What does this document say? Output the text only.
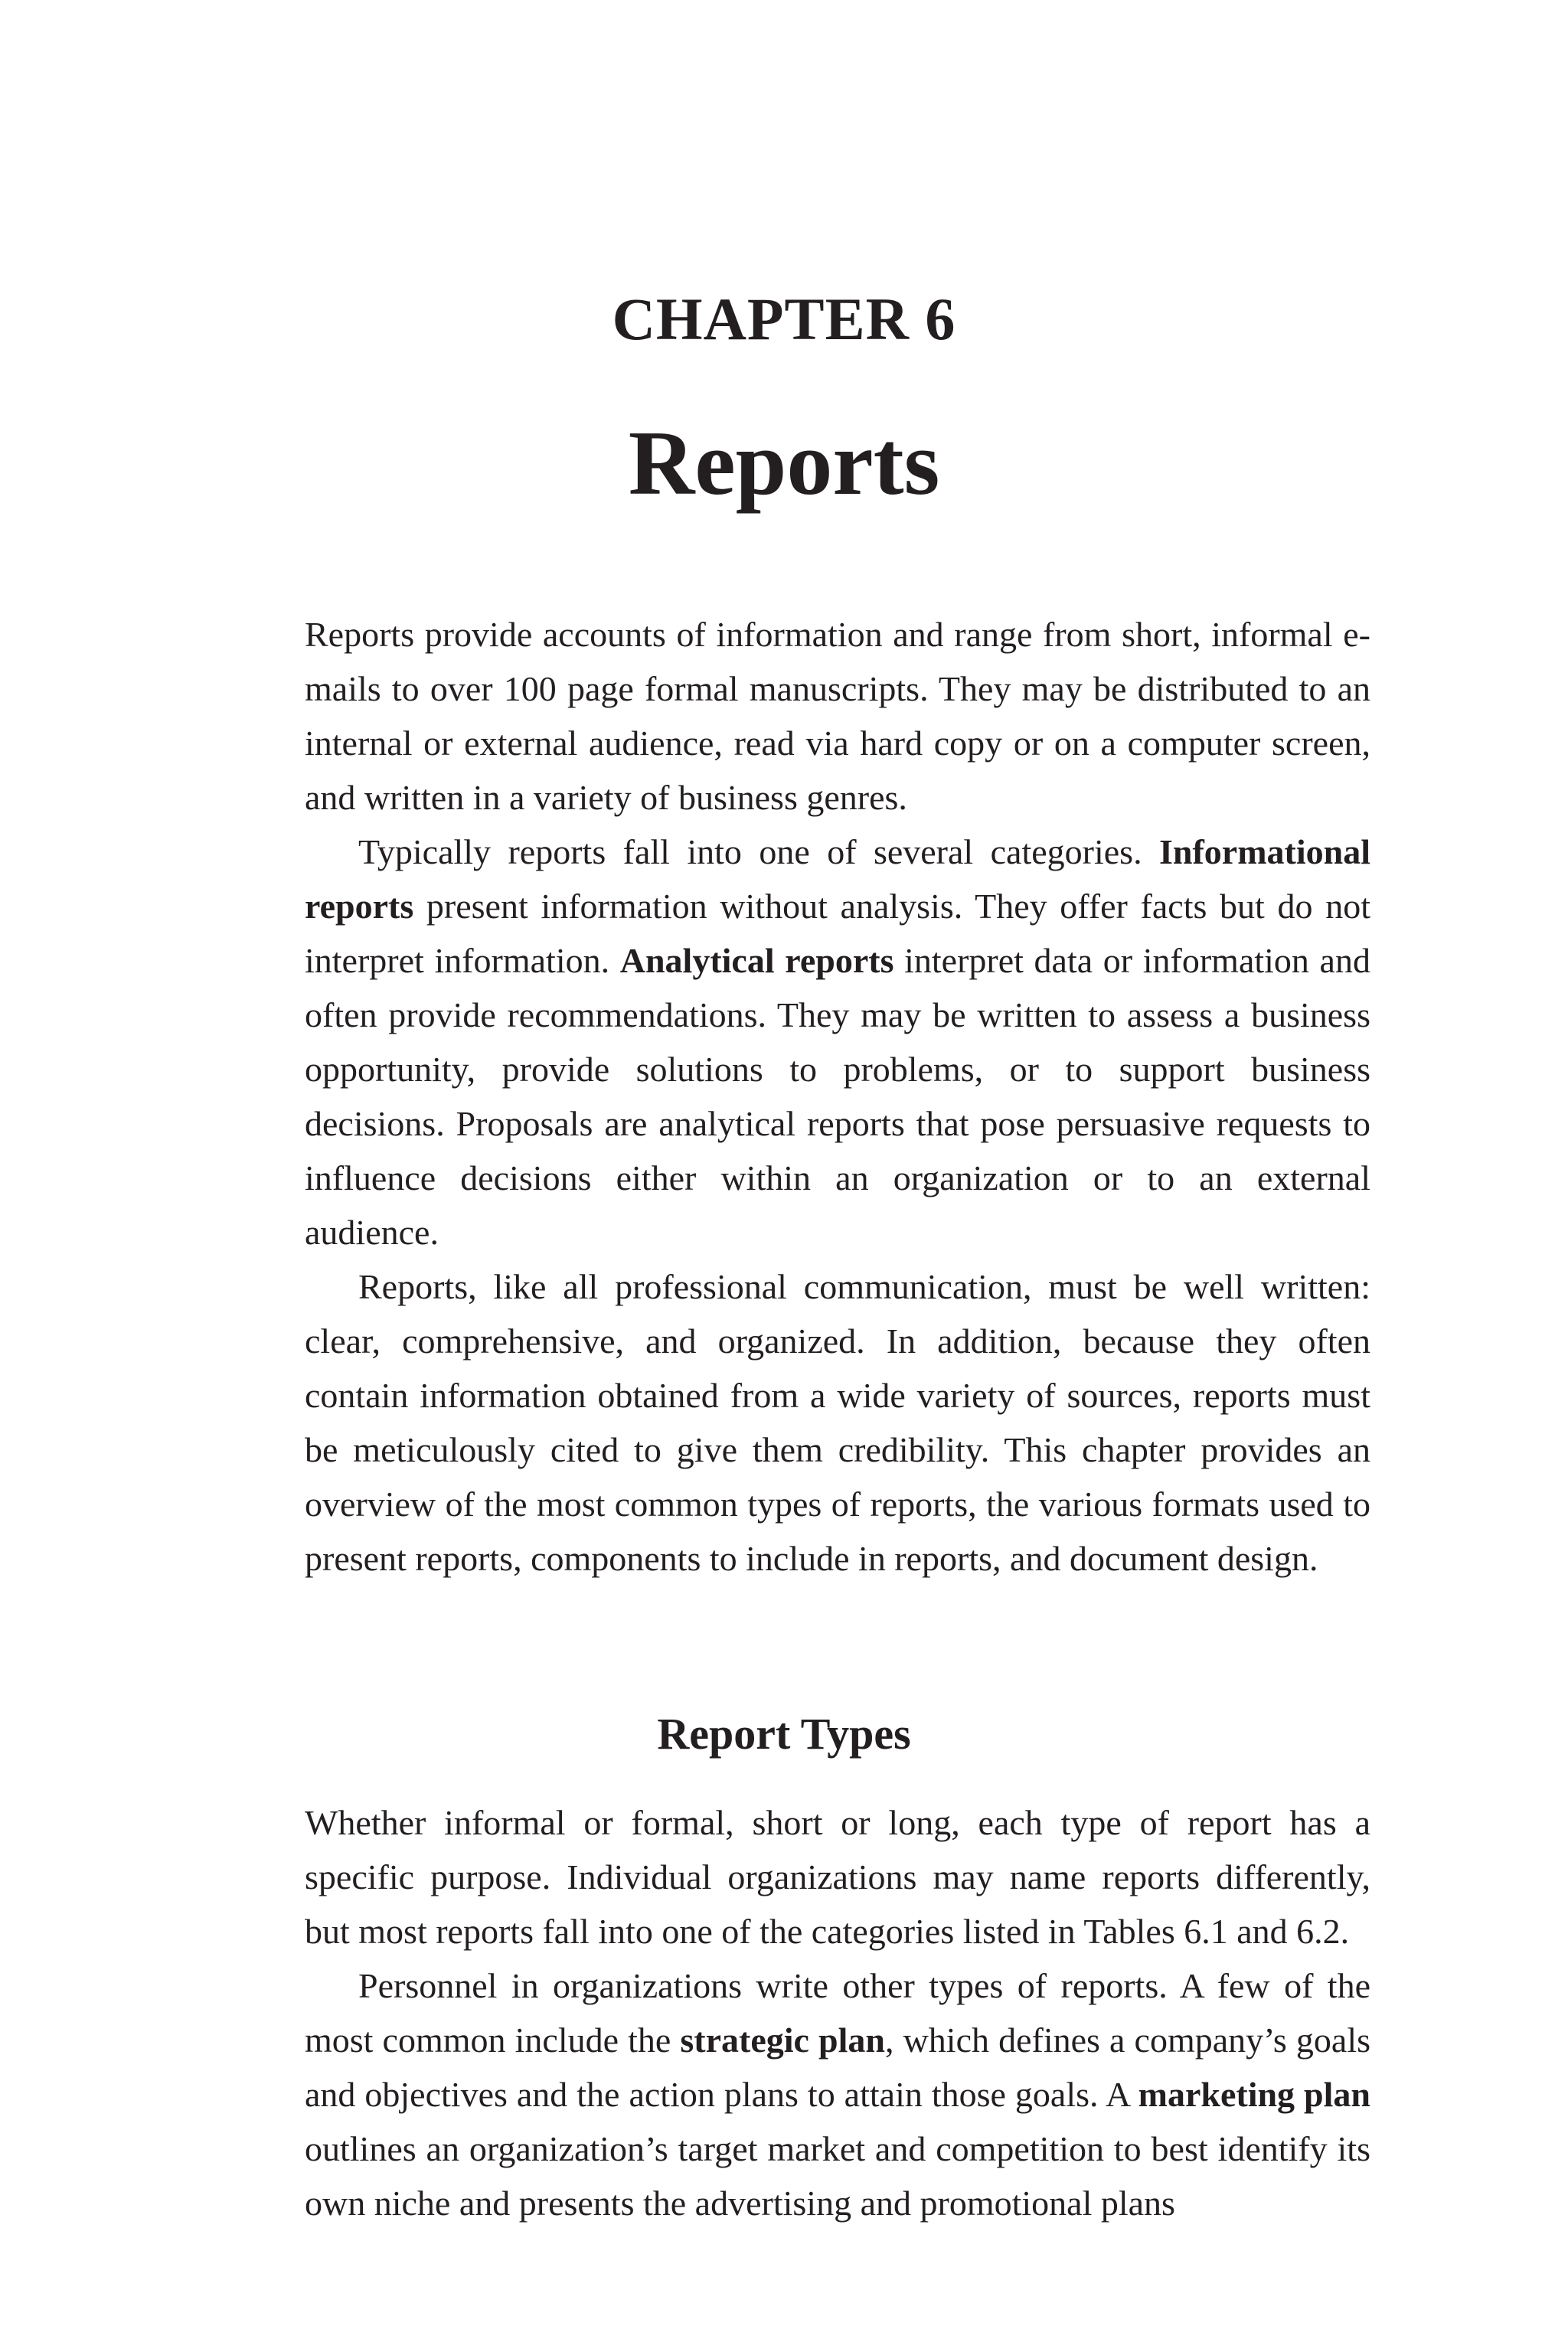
CHAPTER 6
Reports

Reports provide accounts of information and range from short, informal e-mails to over 100 page formal manuscripts. They may be distributed to an internal or external audience, read via hard copy or on a computer screen, and written in a variety of business genres.

Typically reports fall into one of several categories. Informational reports present information without analysis. They offer facts but do not interpret information. Analytical reports interpret data or information and often provide recommendations. They may be written to assess a business opportunity, provide solutions to problems, or to support business decisions. Proposals are analytical reports that pose persuasive requests to influence decisions either within an organization or to an external audience.

Reports, like all professional communication, must be well written: clear, comprehensive, and organized. In addition, because they often contain information obtained from a wide variety of sources, reports must be meticulously cited to give them credibility. This chapter provides an overview of the most common types of reports, the various formats used to present reports, components to include in reports, and document design.

Report Types

Whether informal or formal, short or long, each type of report has a specific purpose. Individual organizations may name reports differently, but most reports fall into one of the categories listed in Tables 6.1 and 6.2.

Personnel in organizations write other types of reports. A few of the most common include the strategic plan, which defines a company’s goals and objectives and the action plans to attain those goals. A marketing plan outlines an organization’s target market and competition to best identify its own niche and presents the advertising and promotional plans
